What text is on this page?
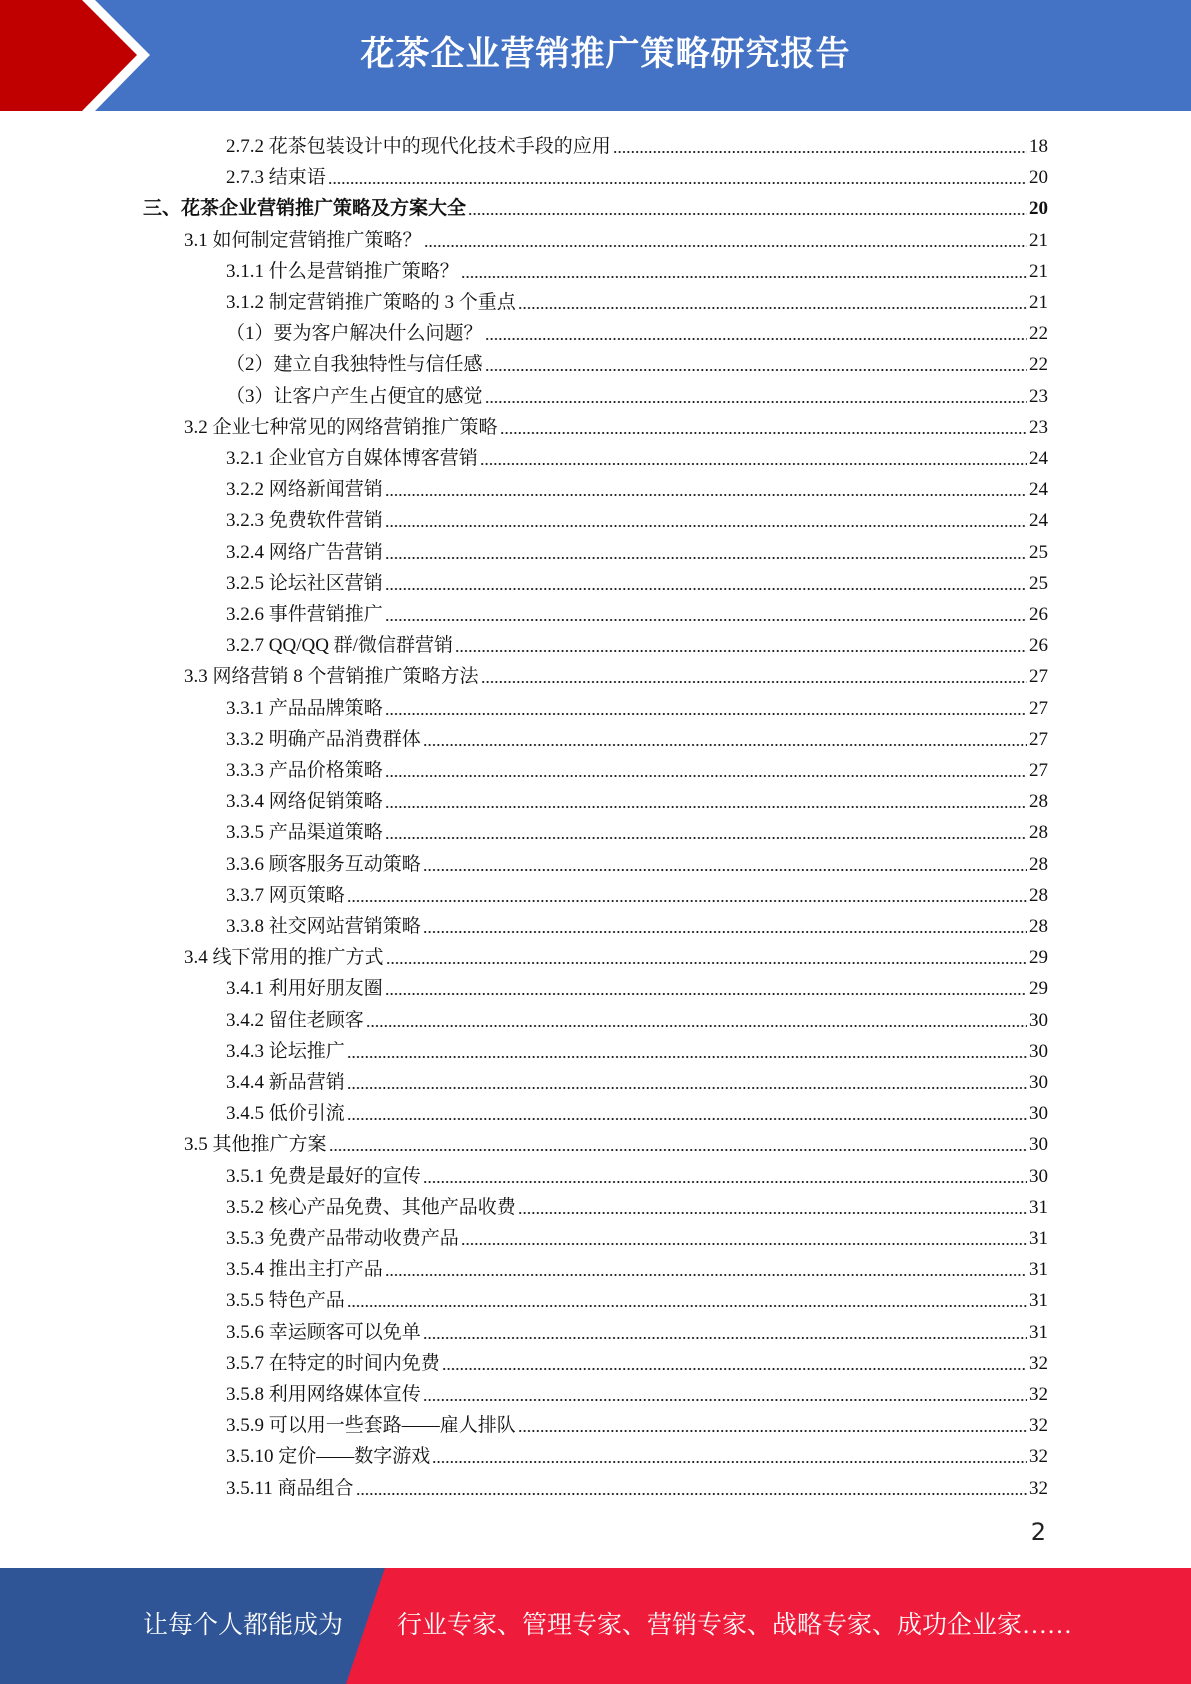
花茶企业营销推广策略研究报告
2.7.2 花茶包装设计中的现代化技术手段的应用	18
2.7.3 结束语	20
三、花茶企业营销推广策略及方案大全	20
3.1 如何制定营销推广策略？	21
3.1.1 什么是营销推广策略？	21
3.1.2 制定营销推广策略的 3 个重点	21
（1）要为客户解决什么问题？	22
（2）建立自我独特性与信任感	22
（3）让客户产生占便宜的感觉	23
3.2 企业七种常见的网络营销推广策略	23
3.2.1 企业官方自媒体博客营销	24
3.2.2 网络新闻营销	24
3.2.3 免费软件营销	24
3.2.4 网络广告营销	25
3.2.5 论坛社区营销	25
3.2.6 事件营销推广	26
3.2.7 QQ/QQ 群/微信群营销	26
3.3 网络营销 8 个营销推广策略方法	27
3.3.1 产品品牌策略	27
3.3.2 明确产品消费群体	27
3.3.3 产品价格策略	27
3.3.4 网络促销策略	28
3.3.5 产品渠道策略	28
3.3.6 顾客服务互动策略	28
3.3.7 网页策略	28
3.3.8 社交网站营销策略	28
3.4 线下常用的推广方式	29
3.4.1 利用好朋友圈	29
3.4.2 留住老顾客	30
3.4.3 论坛推广	30
3.4.4 新品营销	30
3.4.5 低价引流	30
3.5 其他推广方案	30
3.5.1 免费是最好的宣传	30
3.5.2 核心产品免费、其他产品收费	31
3.5.3 免费产品带动收费产品	31
3.5.4 推出主打产品	31
3.5.5 特色产品	31
3.5.6 幸运顾客可以免单	31
3.5.7 在特定的时间内免费	32
3.5.8 利用网络媒体宣传	32
3.5.9 可以用一些套路——雇人排队	32
3.5.10 定价——数字游戏	32
3.5.11 商品组合	32
2
让每个人都能成为 行业专家、管理专家、营销专家、战略专家、成功企业家……
